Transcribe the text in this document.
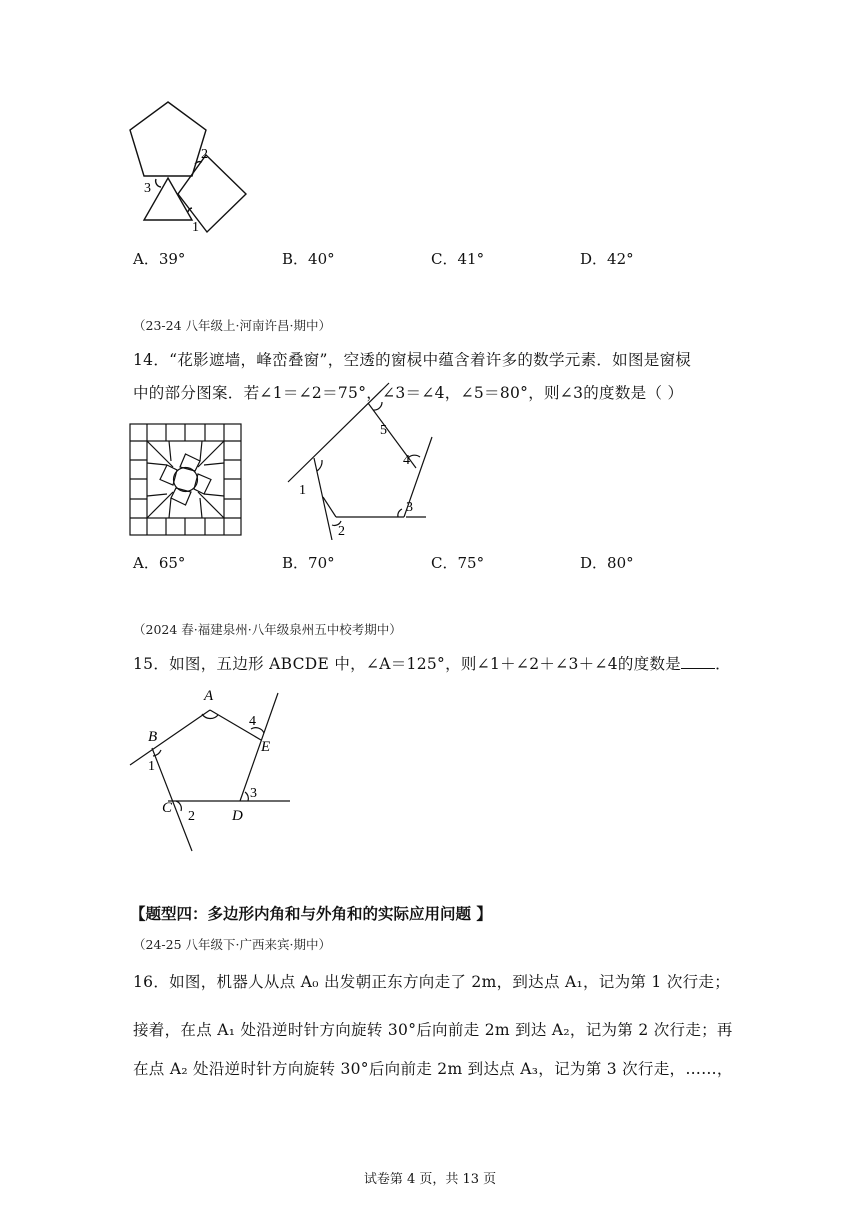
2
3
1
A．39°	B．40°	C．41°	D．42°
（23-24 八年级上·河南许昌·期中）
14．“花影遮墙，峰峦叠窗”，空透的窗棂中蕴含着许多的数学元素．如图是窗棂
中的部分图案．若∠1＝∠2＝75°，∠3＝∠4，∠5＝80°，则∠3的度数是（ ）
5
4
1
3
2
A．65°	B．70°	C．75°	D．80°
（2024 春·福建泉州·八年级泉州五中校考期中）
15．如图，五边形 ABCDE 中，∠A＝125°，则∠1＋∠2＋∠3＋∠4的度数是 ．
A
4
B
E
1
3
C
2 D
【题型四：多边形内角和与外角和的实际应用问题 】
（24-25 八年级下·广西来宾·期中）
16．如图，机器人从点 A₀ 出发朝正东方向走了 2m，到达点 A₁，记为第 1 次行走；
接着，在点 A₁ 处沿逆时针方向旋转 30°后向前走 2m 到达 A₂，记为第 2 次行走；再
在点 A₂ 处沿逆时针方向旋转 30°后向前走 2m 到达点 A₃，记为第 3 次行走，……，
试卷第 4 页，共 13 页
